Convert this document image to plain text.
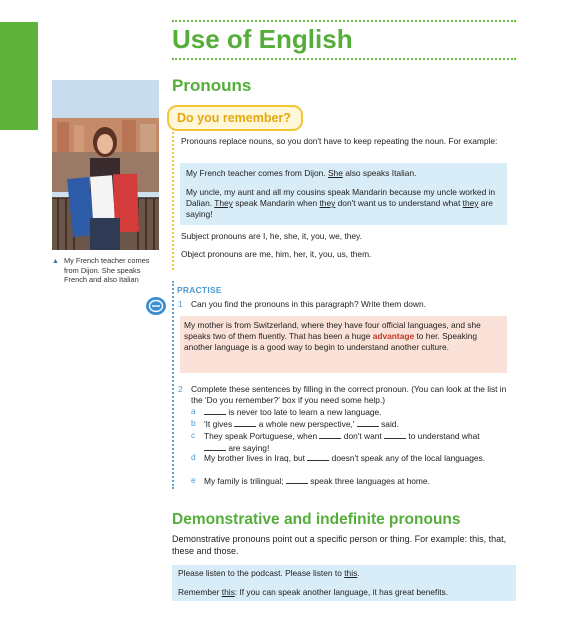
Use of English
Pronouns
▲ My French teacher comes from Dijon. She speaks French and also Italian
Do you remember?
Pronouns replace nouns, so you don't have to keep repeating the noun. For example:
My French teacher comes from Dijon. She also speaks Italian.
My uncle, my aunt and all my cousins speak Mandarin because my uncle worked in Dalian. They speak Mandarin when they don't want us to understand what they are saying!
Subject pronouns are I, he, she, it, you, we, they.
Object pronouns are me, him, her, it, you, us, them.
PRACTISE
1 Can you find the pronouns in this paragraph? Write them down.
My mother is from Switzerland, where they have four official languages, and she speaks two of them fluently. That has been a huge advantage to her. Speaking another language is a good way to begin to understand another culture.
2 Complete these sentences by filling in the correct pronoun. (You can look at the list in the 'Do you remember?' box if you need some help.)
a	is never too late to learn a new language.
b 'It gives	a whole new perspective,'	said.
c	They speak Portuguese, when	don't want	to understand what  are saying!
d My brother lives in Iraq, but	doesn't speak any of the local languages.
e My family is trilingual;	speak three languages at home.
Demonstrative and indefinite pronouns
Demonstrative pronouns point out a specific person or thing. For example: this, that, these and those.
Please listen to the podcast. Please listen to this.
Remember this: If you can speak another language, it has great benefits.
